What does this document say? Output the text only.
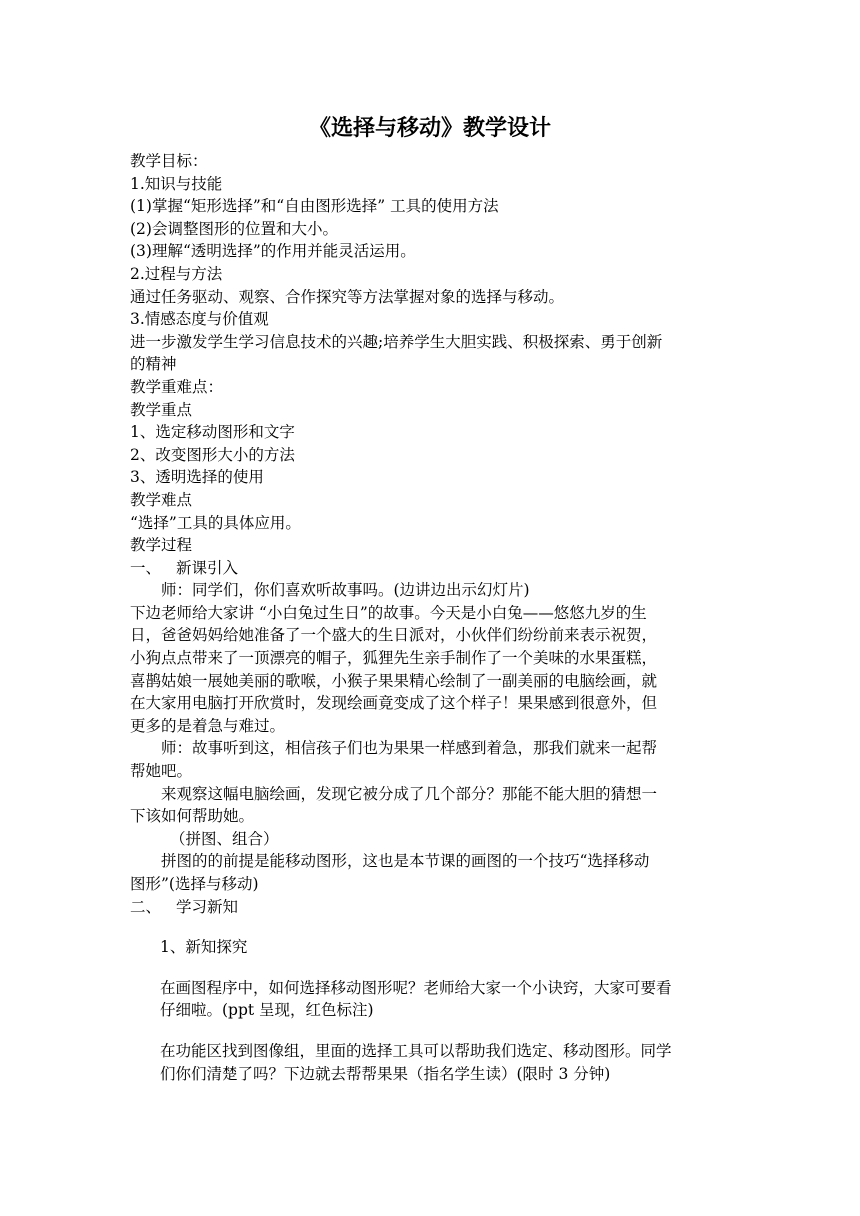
《选择与移动》教学设计
教学目标：
1.知识与技能
(1)掌握“矩形选择”和“自由图形选择” 工具的使用方法
(2)会调整图形的位置和大小。
(3)理解“透明选择”的作用并能灵活运用。
2.过程与方法
通过任务驱动、观察、合作探究等方法掌握对象的选择与移动。
3.情感态度与价值观
进一步激发学生学习信息技术的兴趣;培养学生大胆实践、积极探索、勇于创新
的精神
教学重难点：
教学重点
1、选定移动图形和文字
2、改变图形大小的方法
3、透明选择的使用
教学难点
“选择”工具的具体应用。
教学过程
一、 新课引入
师：同学们，你们喜欢听故事吗。(边讲边出示幻灯片)
下边老师给大家讲 “小白兔过生日”的故事。今天是小白兔——悠悠九岁的生
日，爸爸妈妈给她准备了一个盛大的生日派对，小伙伴们纷纷前来表示祝贺，
小狗点点带来了一顶漂亮的帽子，狐狸先生亲手制作了一个美味的水果蛋糕，
喜鹊姑娘一展她美丽的歌喉，小猴子果果精心绘制了一副美丽的电脑绘画，就
在大家用电脑打开欣赏时，发现绘画竟变成了这个样子！果果感到很意外，但
更多的是着急与难过。
师：故事听到这，相信孩子们也为果果一样感到着急，那我们就来一起帮
帮她吧。
来观察这幅电脑绘画，发现它被分成了几个部分？那能不能大胆的猜想一
下该如何帮助她。
（拼图、组合）
拼图的的前提是能移动图形，这也是本节课的画图的一个技巧“选择移动
图形”(选择与移动)
二、 学习新知
1、新知探究
在画图程序中，如何选择移动图形呢？老师给大家一个小诀窍，大家可要看
仔细啦。(ppt 呈现，红色标注)
在功能区找到图像组，里面的选择工具可以帮助我们选定、移动图形。同学
们你们清楚了吗？下边就去帮帮果果（指名学生读）(限时 3 分钟)
